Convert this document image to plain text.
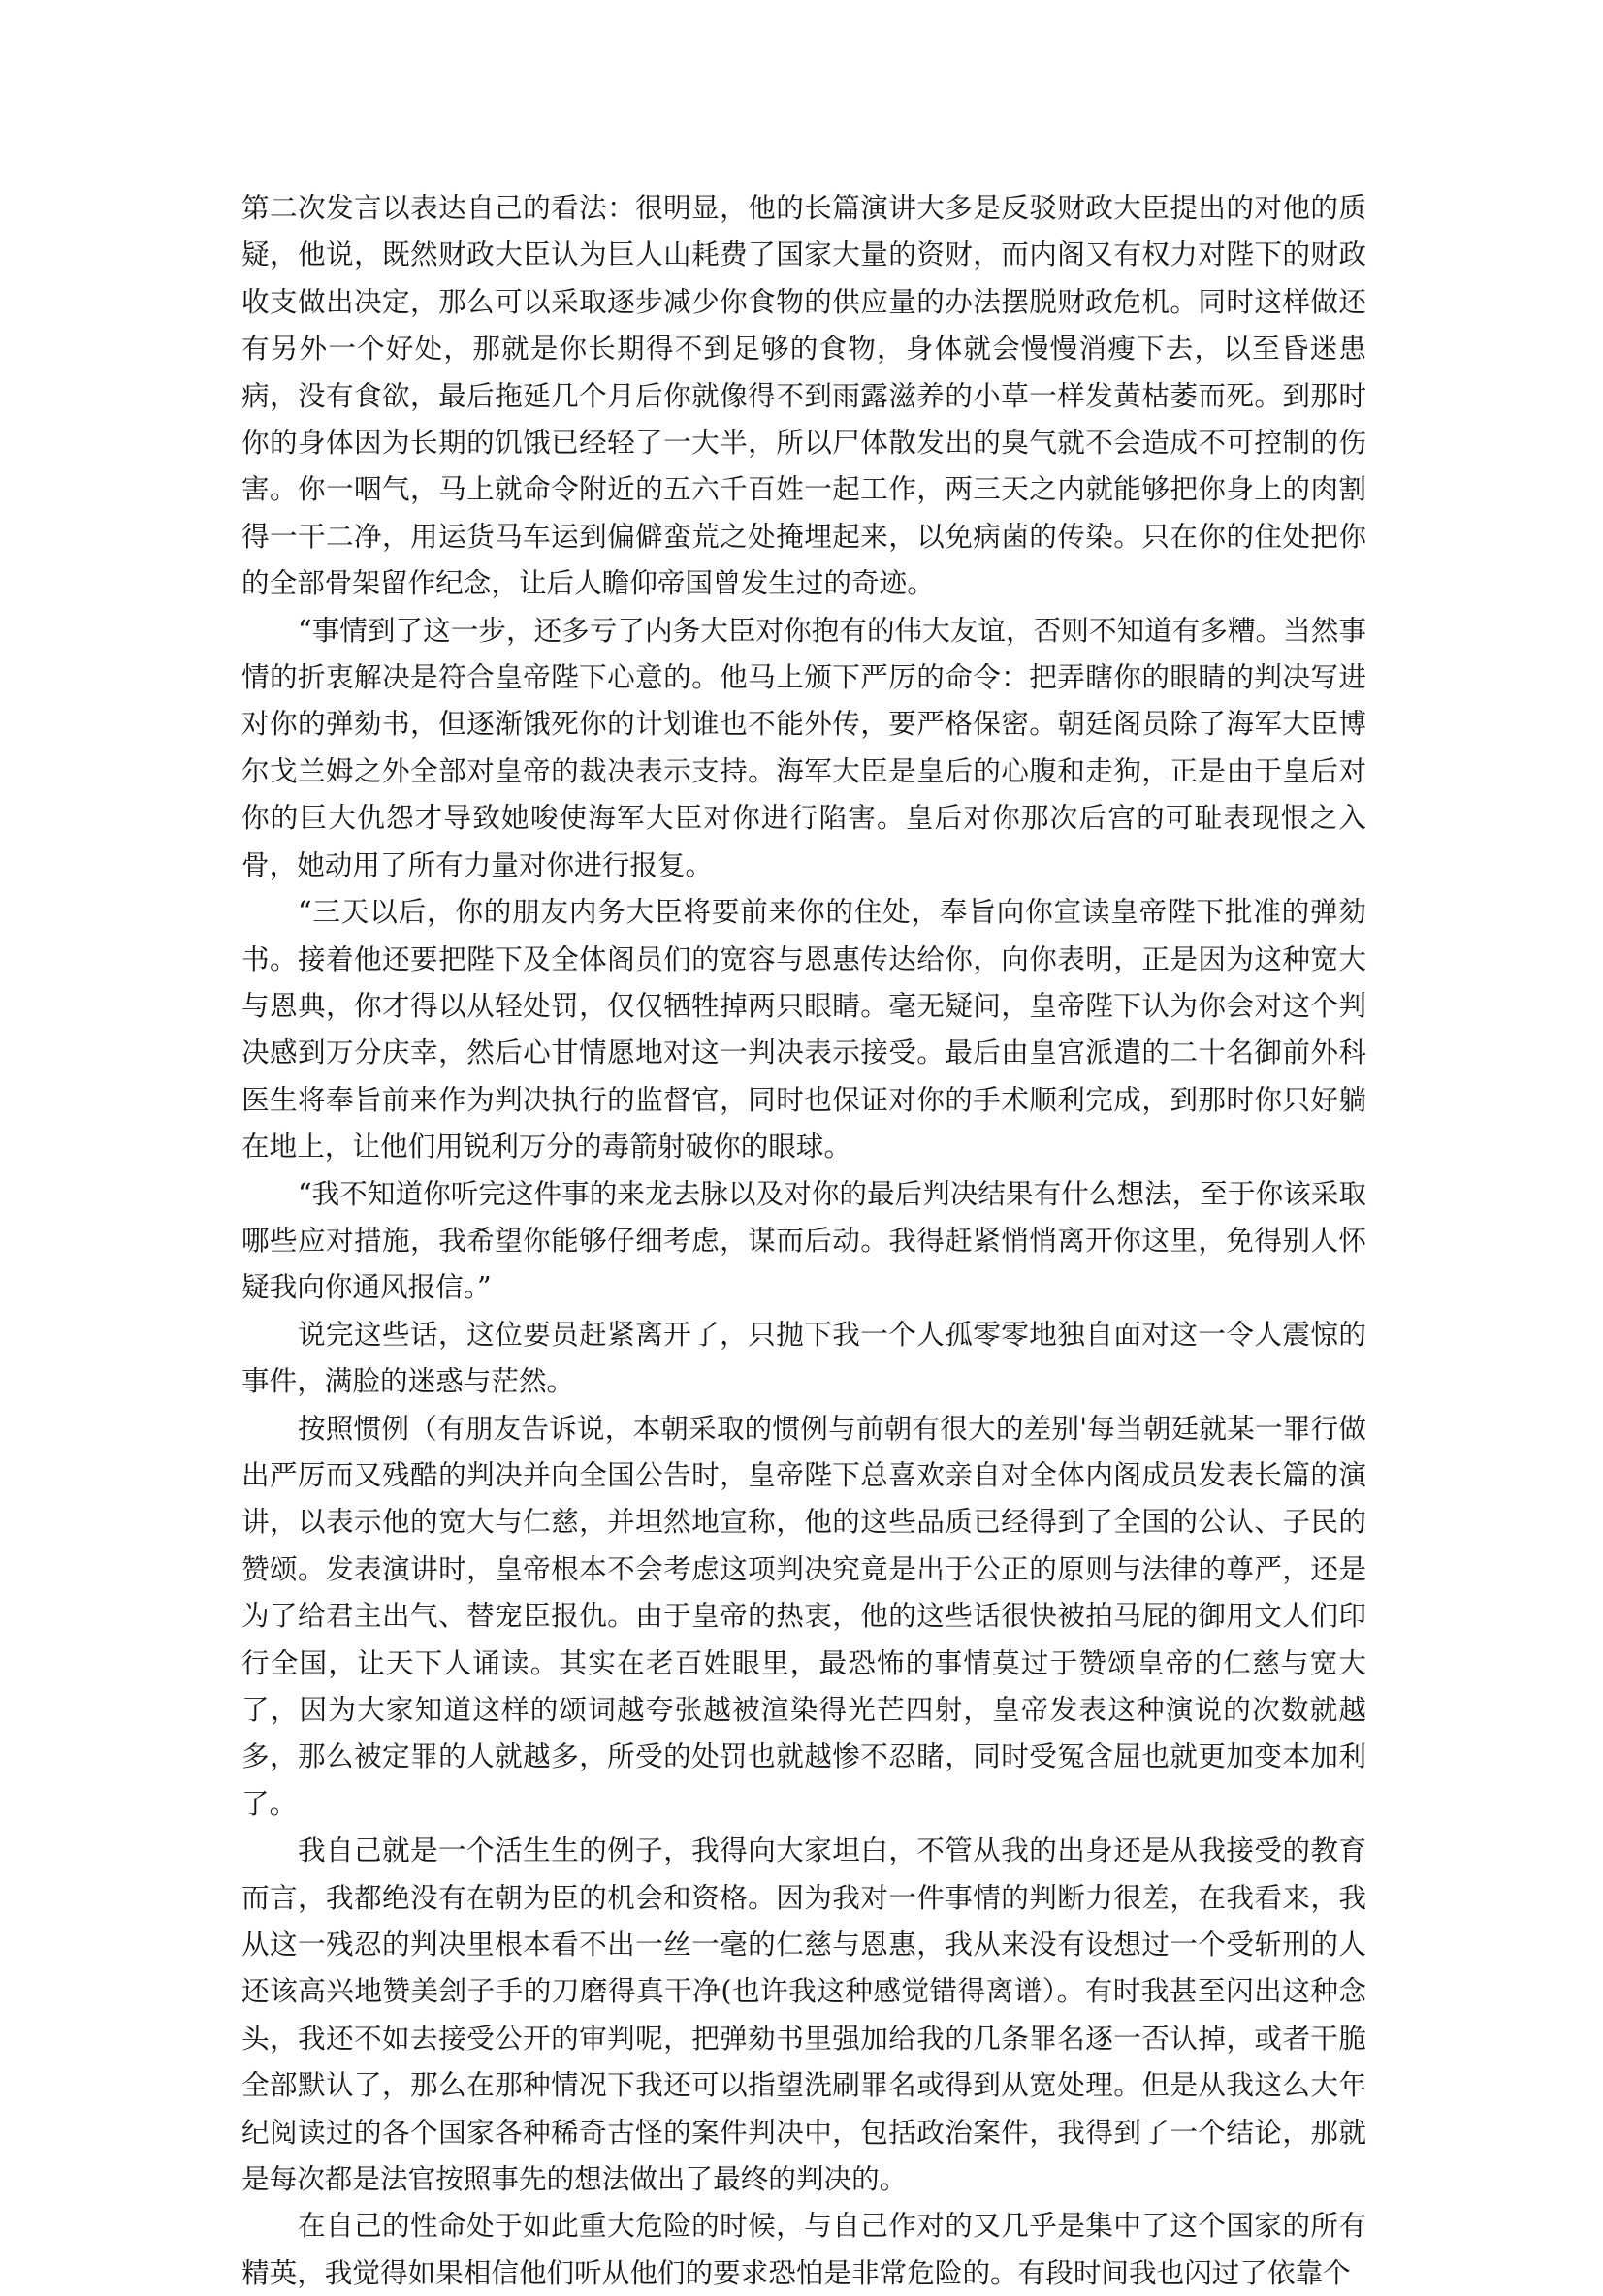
第二次发言以表达自己的看法：很明显，他的长篇演讲大多是反驳财政大臣提出的对他的质疑，他说，既然财政大臣认为巨人山耗费了国家大量的资财，而内阁又有权力对陛下的财政收支做出决定，那么可以采取逐步减少你食物的供应量的办法摆脱财政危机。同时这样做还有另外一个好处，那就是你长期得不到足够的食物，身体就会慢慢消瘦下去，以至昏迷患病，没有食欲，最后拖延几个月后你就像得不到雨露滋养的小草一样发黄枯萎而死。到那时你的身体因为长期的饥饿已经轻了一大半，所以尸体散发出的臭气就不会造成不可控制的伤害。你一咽气，马上就命令附近的五六千百姓一起工作，两三天之内就能够把你身上的肉割得一干二净，用运货马车运到偏僻蛮荒之处掩埋起来，以免病菌的传染。只在你的住处把你的全部骨架留作纪念，让后人瞻仰帝国曾发生过的奇迹。

“事情到了这一步，还多亏了内务大臣对你抱有的伟大友谊，否则不知道有多糟。当然事情的折衷解决是符合皇帝陛下心意的。他马上颁下严厉的命令：把弄瞎你的眼睛的判决写进对你的弹劾书，但逐渐饿死你的计划谁也不能外传，要严格保密。朝廷阁员除了海军大臣博尔戈兰姆之外全部对皇帝的裁决表示支持。海军大臣是皇后的心腹和走狗，正是由于皇后对你的巨大仇怨才导致她唆使海军大臣对你进行陷害。皇后对你那次后宫的可耻表现恨之入骨，她动用了所有力量对你进行报复。

“三天以后，你的朋友内务大臣将要前来你的住处，奉旨向你宣读皇帝陛下批准的弹劾书。接着他还要把陛下及全体阁员们的宽容与恩惠传达给你，向你表明，正是因为这种宽大与恩典，你才得以从轻处罚，仅仅牺牲掉两只眼睛。毫无疑问，皇帝陛下认为你会对这个判决感到万分庆幸，然后心甘情愿地对这一判决表示接受。最后由皇宫派遣的二十名御前外科医生将奉旨前来作为判决执行的监督官，同时也保证对你的手术顺利完成，到那时你只好躺在地上，让他们用锐利万分的毒箭射破你的眼球。

“我不知道你听完这件事的来龙去脉以及对你的最后判决结果有什么想法，至于你该采取哪些应对措施，我希望你能够仔细考虑，谋而后动。我得赶紧悄悄离开你这里，免得别人怀疑我向你通风报信。”

说完这些话，这位要员赶紧离开了，只抛下我一个人孤零零地独自面对这一令人震惊的事件，满脸的迷惑与茫然。

按照惯例（有朋友告诉说，本朝采取的惯例与前朝有很大的差别'每当朝廷就某一罪行做出严厉而又残酷的判决并向全国公告时，皇帝陛下总喜欢亲自对全体内阁成员发表长篇的演讲，以表示他的宽大与仁慈，并坦然地宣称，他的这些品质已经得到了全国的公认、子民的赞颂。发表演讲时，皇帝根本不会考虑这项判决究竟是出于公正的原则与法律的尊严，还是为了给君主出气、替宠臣报仇。由于皇帝的热衷，他的这些话很快被拍马屁的御用文人们印行全国，让天下人诵读。其实在老百姓眼里，最恐怖的事情莫过于赞颂皇帝的仁慈与宽大了，因为大家知道这样的颂词越夸张越被渲染得光芒四射，皇帝发表这种演说的次数就越多，那么被定罪的人就越多，所受的处罚也就越惨不忍睹，同时受冤含屈也就更加变本加利了。

我自己就是一个活生生的例子，我得向大家坦白，不管从我的出身还是从我接受的教育而言，我都绝没有在朝为臣的机会和资格。因为我对一件事情的判断力很差，在我看来，我从这一残忍的判决里根本看不出一丝一毫的仁慈与恩惠，我从来没有设想过一个受斩刑的人还该高兴地赞美刽子手的刀磨得真干净(也许我这种感觉错得离谱）。有时我甚至闪出这种念头，我还不如去接受公开的审判呢，把弹劾书里强加给我的几条罪名逐一否认掉，或者干脆全部默认了，那么在那种情况下我还可以指望洗刷罪名或得到从宽处理。但是从我这么大年纪阅读过的各个国家各种稀奇古怪的案件判决中，包括政治案件，我得到了一个结论，那就是每次都是法官按照事先的想法做出了最终的判决的。

在自己的性命处于如此重大危险的时候，与自己作对的又几乎是集中了这个国家的所有精英，我觉得如果相信他们听从他们的要求恐怕是非常危险的。有段时间我也闪过了依靠个
